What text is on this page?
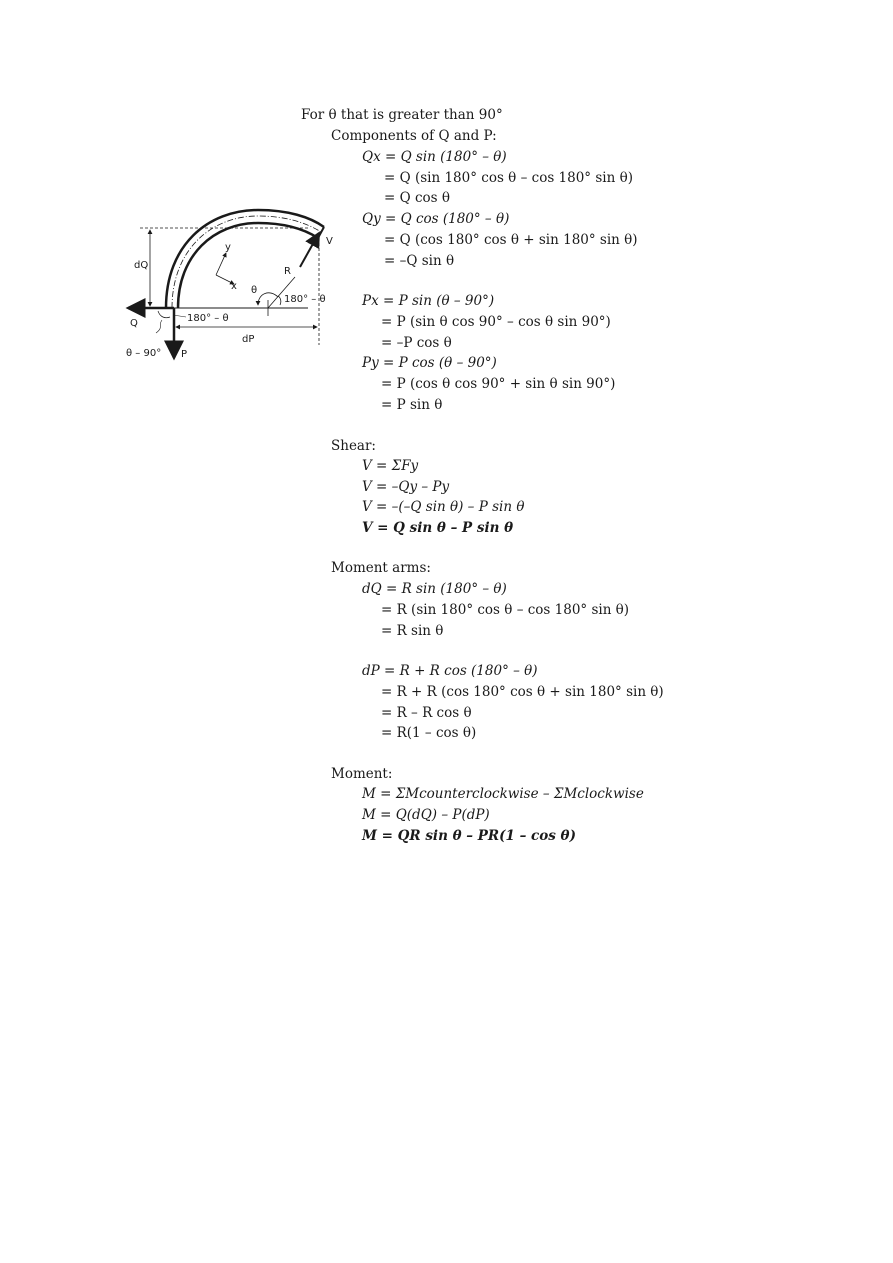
dQ
Q
P
V
y
x
R
θ
180° – θ
dP
180° – θ
θ – 90°
For θ that is greater than 90°
Components of Q and P:
Qx = Q sin (180° – θ)
= Q (sin 180° cos θ – cos 180° sin θ)
= Q cos θ
Qy = Q cos (180° – θ)
= Q (cos 180° cos θ + sin 180° sin θ)
= –Q sin θ
Px = P sin (θ – 90°)
= P (sin θ cos 90° – cos θ sin 90°)
= –P cos θ
Py = P cos (θ – 90°)
= P (cos θ cos 90° + sin θ sin 90°)
= P sin θ
Shear:
V = ΣFy
V = –Qy – Py
V = –(–Q sin θ) – P sin θ
V = Q sin θ – P sin θ
Moment arms:
dQ = R sin (180° – θ)
= R (sin 180° cos θ – cos 180° sin θ)
= R sin θ
dP = R + R cos (180° – θ)
= R + R (cos 180° cos θ + sin 180° sin θ)
= R – R cos θ
= R(1 – cos θ)
Moment:
M = ΣMcounterclockwise – ΣMclockwise
M = Q(dQ) – P(dP)
M = QR sin θ – PR(1 – cos θ)
